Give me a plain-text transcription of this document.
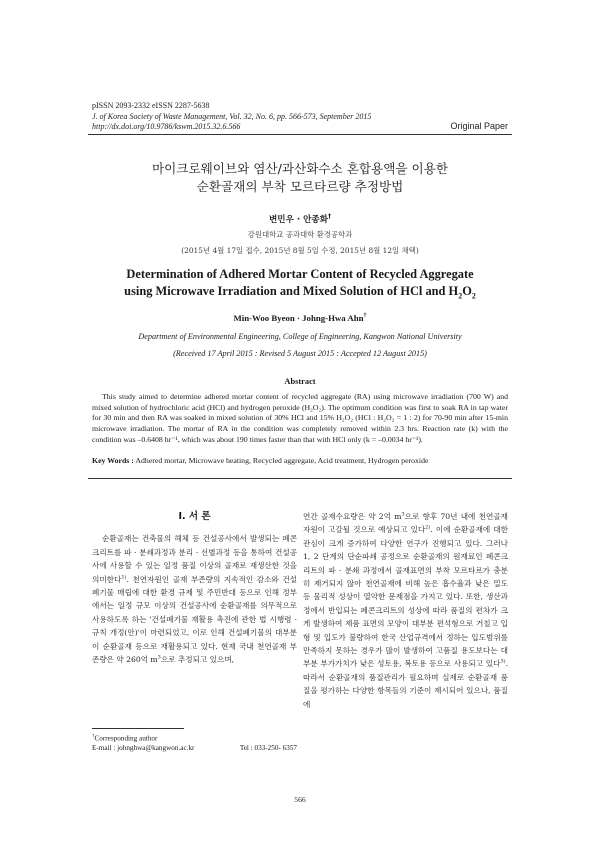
pISSN 2093-2332 eISSN 2287-5638
J. of Korea Society of Waste Management, Vol. 32, No. 6, pp. 566-573, September 2015
http://dx.doi.org/10.9786/kswm.2015.32.6.566	Original Paper
마이크로웨이브와 염산/과산화수소 혼합용액을 이용한
순환골재의 부착 모르타르량 추정방법
변민우 · 안종화†
강원대학교 공과대학 환경공학과
(2015년 4월 17일 접수, 2015년 8월 5일 수정, 2015년 8월 12일 채택)
Determination of Adhered Mortar Content of Recycled Aggregate
using Microwave Irradiation and Mixed Solution of HCl and $H_2O_2$
Min-Woo Byeon · Johng-Hwa Ahn†
Department of Environmental Engineering, College of Engineering, Kangwon National University
(Received 17 April 2015 : Revised 5 August 2015 : Accepted 12 August 2015)
Abstract
This study aimed to determine adhered mortar content of recycled aggregate (RA) using microwave irradiation (700 W) and mixed solution of hydrochloric acid (HCl) and hydrogen peroxide (H₂O₂). The optimum condition was first to soak RA in tap water for 30 min and then RA was soaked in mixed solution of 30% HCl and 15% H₂O₂ (HCl : H₂O₂ = 1 : 2) for 70-90 min after 15-min microwave irradiation. The mortar of RA in the condition was completely removed within 2.3 hrs. Reaction rate (k) with the condition was –0.6408 hr⁻¹, which was about 190 times faster than that with HCl only (k = –0.0034 hr⁻¹).
Key Words : Adhered mortar, Microwave heating, Recycled aggregate, Acid treatment, Hydrogen peroxide
I. 서 론

순환골재는 건축물의 해체 등 건설공사에서 발생되는 폐콘크리트를 파 · 분쇄과정과 분리 · 선별과정 등을 통하여 건설공사에 사용할 수 있는 일정 품질 이상의 골재로 재생산한 것을 의미한다$^{1)}$. 천연자원인 골재 부존량의 지속적인 감소와 건설폐기물 매립에 대한 환경 규제 및 주민반대 등으로 인해 정부에서는 일정 규모 이상의 건설공사에 순환골재를 의무적으로 사용하도록 하는 '건설폐기물 재활용 촉진에 관한 법 시행령 · 규칙 개정(안)'이 마련되었고, 이로 인해 건설폐기물의 대부분이 순환골재 등으로 재활용되고 있다. 현재 국내 천연골재 부존량은 약 260억 $m^3$으로 추정되고 있으며,

연간 골재수요량은 약 2억 $m^3$으로 향후 70년 내에 천연골재자원이 고갈될 것으로 예상되고 있다$^{2)}$. 이에 순환골재에 대한 관심이 크게 증가하여 다양한 연구가 진행되고 있다. 그러나 1, 2 단계의 단순파쇄 공정으로 순환골재의 원재료인 폐콘크리트의 파 · 분쇄 과정에서 골재표면의 부착 모르타르가 충분히 제거되지 않아 천연골재에 비해 높은 흡수율과 낮은 밀도 등 물리적 성상이 열악한 문제점을 가지고 있다. 또한, 생산과정에서 반입되는 폐콘크리트의 성상에 따라 품질의 편차가 크게 발생하여 제품 표면의 모양이 대부분 편석형으로 거칠고 입형 및 입도가 불량하여 한국 산업규격에서 정하는 입도범위를 만족하지 못하는 경우가 많이 발생하여 고품질 용도보다는 대부분 부가가치가 낮은 성토용, 복토용 등으로 사용되고 있다$^{3)}$. 따라서 순환골재의 품질관리가 필요하며 실제로 순환골재 품질을 평가하는 다양한 항목들의 기준이 제시되어 있으나, 품질에

†Corresponding author
E-mail : johnghwa@kangwon.ac.kr	Tel : 033-250- 6357
566
